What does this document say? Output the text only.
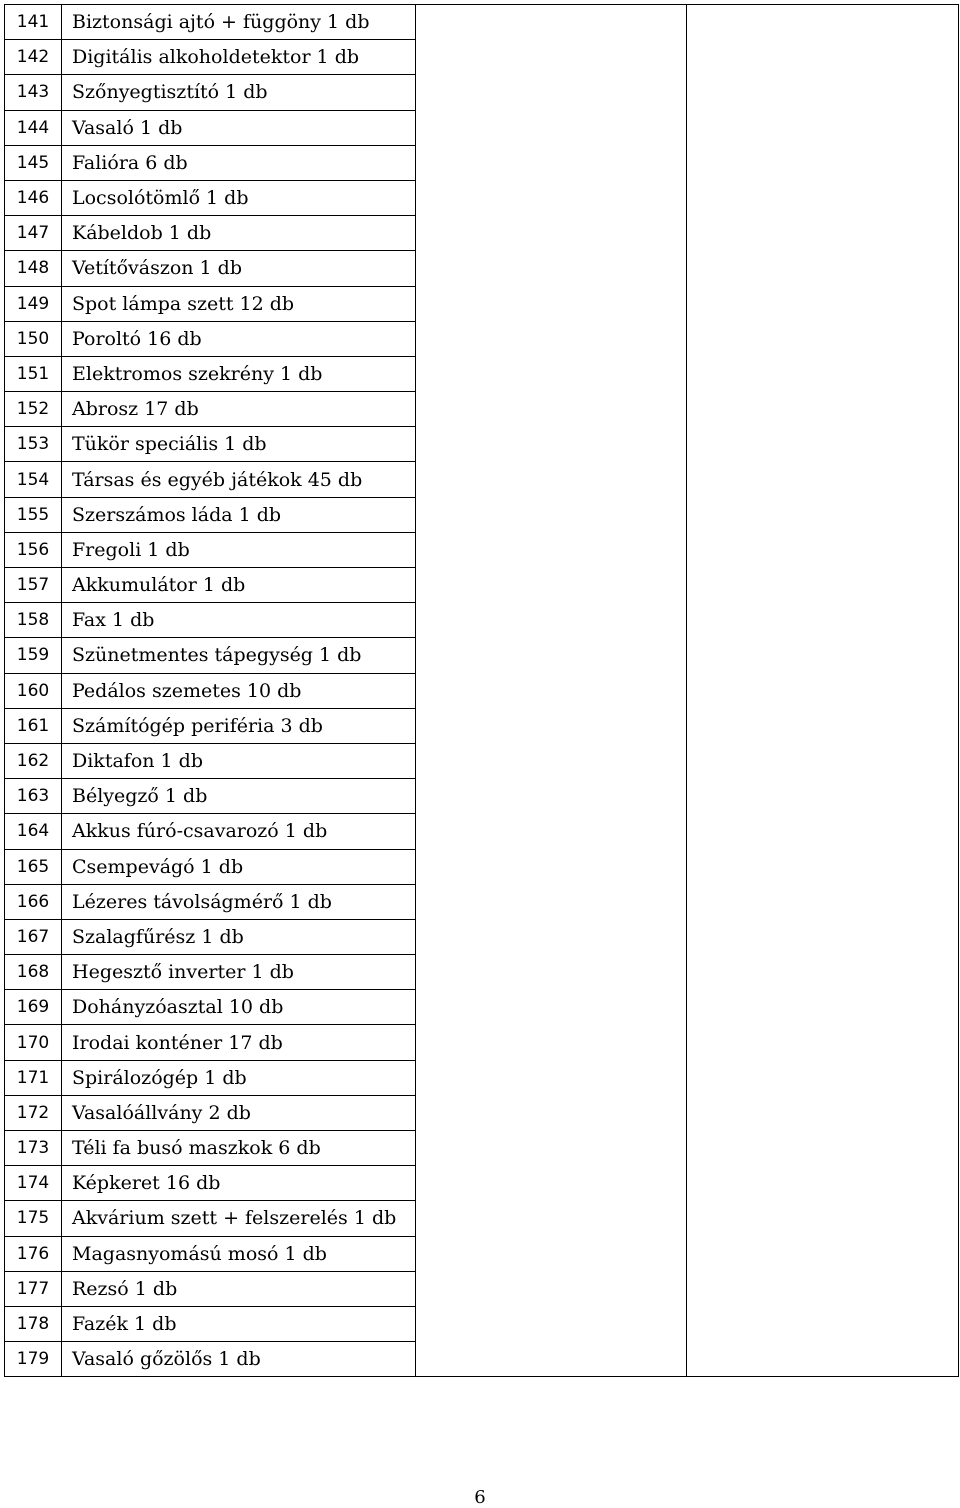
141	Biztonsági ajtó + függöny 1 db		
142	Digitális alkoholdetektor 1 db		
143	Szőnyegtisztító 1 db		
144	Vasaló 1 db		
145	Falióra 6 db		
146	Locsolótömlő 1 db		
147	Kábeldob 1 db		
148	Vetítővászon 1 db		
149	Spot lámpa szett 12 db		
150	Poroltó 16 db		
151	Elektromos szekrény 1 db		
152	Abrosz 17 db		
153	Tükör speciális 1 db		
154	Társas és egyéb játékok 45 db		
155	Szerszámos láda 1 db		
156	Fregoli 1 db		
157	Akkumulátor 1 db		
158	Fax 1 db		
159	Szünetmentes tápegység 1 db		
160	Pedálos szemetes 10 db		
161	Számítógép periféria 3 db		
162	Diktafon 1 db		
163	Bélyegző 1 db		
164	Akkus fúró-csavarozó 1 db		
165	Csempevágó 1 db		
166	Lézeres távolságmérő 1 db		
167	Szalagfűrész 1 db		
168	Hegesztő inverter 1 db		
169	Dohányzóasztal 10 db		
170	Irodai konténer 17 db		
171	Spirálozógép 1 db		
172	Vasalóállvány 2 db		
173	Téli fa busó maszkok 6 db		
174	Képkeret 16 db		
175	Akvárium szett + felszerelés 1 db		
176	Magasnyomású mosó 1 db		
177	Rezsó 1 db		
178	Fazék 1 db		
179	Vasaló gőzölős 1 db		
6
